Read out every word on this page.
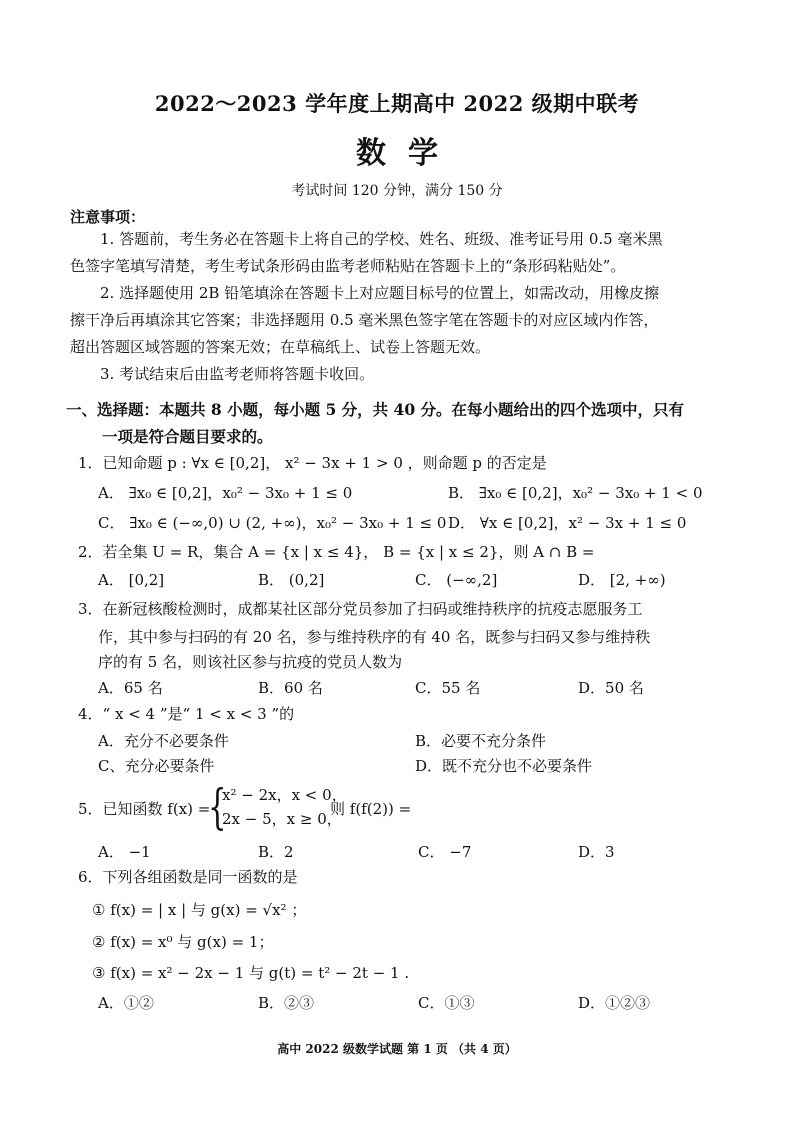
2022～2023 学年度上期高中 2022 级期中联考
数学
考试时间 120 分钟，满分 150 分
注意事项：

1. 答题前，考生务必在答题卡上将自己的学校、姓名、班级、准考证号用 0.5 毫米黑色签字笔填写清楚，考生考试条形码由监考老师粘贴在答题卡上的“条形码粘贴处”。

2. 选择题使用 2B 铅笔填涂在答题卡上对应题目标号的位置上，如需改动，用橡皮擦擦干净后再填涂其它答案；非选择题用 0.5 毫米黑色签字笔在答题卡的对应区域内作答，超出答题区域答题的答案无效；在草稿纸上、试卷上答题无效。

3. 考试结束后由监考老师将答题卡收回。

一、选择题：本题共 8 小题，每小题 5 分，共 40 分。在每小题给出的四个选项中，只有
一项是符合题目要求的。
1．已知命题 p : ∀x ∈ [0,2]， x² − 3x + 1 > 0 ，则命题 p 的否定是
A． ∃x₀ ∈ [0,2]，x₀² − 3x₀ + 1 ≤ 0	B． ∃x₀ ∈ [0,2]，x₀² − 3x₀ + 1 < 0
C． ∃x₀ ∈ (−∞,0) ∪ (2, +∞)，x₀² − 3x₀ + 1 ≤ 0 D． ∀x ∈ [0,2]，x² − 3x + 1 ≤ 0
2．若全集 U = R，集合 A = {x | x ≤ 4}， B = {x | x ≤ 2}，则 A ∩ B =
A． [0,2]	B． (0,2]	C． (−∞,2]	D． [2, +∞)
3．在新冠核酸检测时，成都某社区部分党员参加了扫码或维持秩序的抗疫志愿服务工
作，其中参与扫码的有 20 名，参与维持秩序的有 40 名，既参与扫码又参与维持秩
序的有 5 名，则该社区参与抗疫的党员人数为
A．65 名	B．60 名	C．55 名	D．50 名
4．“ x < 4 ”是“ 1 < x < 3 ”的
A．充分不必要条件	B．必要不充分条件
C、充分必要条件	D．既不充分也不必要条件
5．已知函数 f(x) =
{
x² − 2x，x < 0，
2x − 5，x ≥ 0，
则 f(f(2)) =
A． −1	B．2	C． −7	D．3
6．下列各组函数是同一函数的是
① f(x) = | x | 与 g(x) = √x² ；
② f(x) = x⁰ 与 g(x) = 1；
③ f(x) = x² − 2x − 1 与 g(t) = t² − 2t − 1 .
A．①②	B．②③	C．①③	D．①②③
高中 2022 级数学试题 第 1 页 （共 4 页）
